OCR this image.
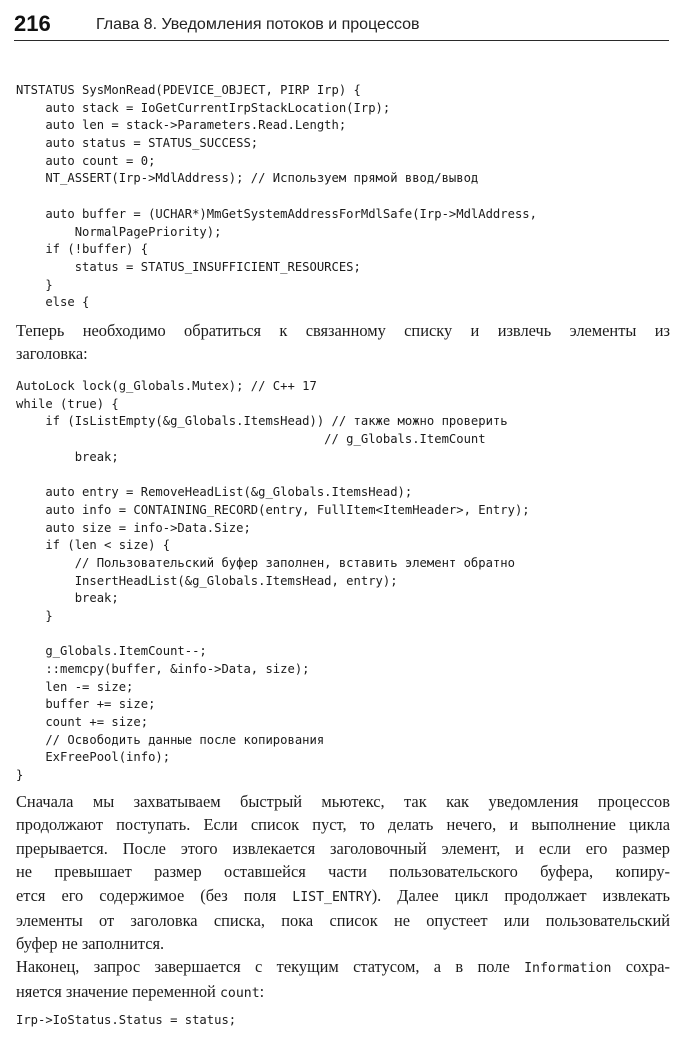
216	Глава 8. Уведомления потоков и процессов
NTSTATUS SysMonRead(PDEVICE_OBJECT, PIRP Irp) {
auto stack = IoGetCurrentIrpStackLocation(Irp);
auto len = stack->Parameters.Read.Length;
auto status = STATUS_SUCCESS;
auto count = 0;
NT_ASSERT(Irp->MdlAddress); // Используем прямой ввод/вывод
auto buffer = (UCHAR*)MmGetSystemAddressForMdlSafe(Irp->MdlAddress,
NormalPagePriority);
if (!buffer) {
status = STATUS_INSUFFICIENT_RESOURCES;
}
else {
Теперь необходимо обратиться к связанному списку и извлечь элементы из
заголовка:
AutoLock lock(g_Globals.Mutex); // C++ 17
while (true) {
if (IsListEmpty(&g_Globals.ItemsHead)) // также можно проверить
// g_Globals.ItemCount
break;
auto entry = RemoveHeadList(&g_Globals.ItemsHead);
auto info = CONTAINING_RECORD(entry, FullItem<ItemHeader>, Entry);
auto size = info->Data.Size;
if (len < size) {
// Пользовательский буфер заполнен, вставить элемент обратно
InsertHeadList(&g_Globals.ItemsHead, entry);
break;
}
g_Globals.ItemCount--;
::memcpy(buffer, &info->Data, size);
len -= size;
buffer += size;
count += size;
// Освободить данные после копирования
ExFreePool(info);
}
Сначала мы захватываем быстрый мьютекс, так как уведомления процессов
продолжают поступать. Если список пуст, то делать нечего, и выполнение цикла
прерывается. После этого извлекается заголовочный элемент, и если его размер
не превышает размер оставшейся части пользовательского буфера, копиру-
ется его содержимое (без поля LIST_ENTRY). Далее цикл продолжает извлекать
элементы от заголовка списка, пока список не опустеет или пользовательский
буфер не заполнится.
Наконец, запрос завершается с текущим статусом, а в поле Information сохра-
няется значение переменной count:
Irp->IoStatus.Status = status;
